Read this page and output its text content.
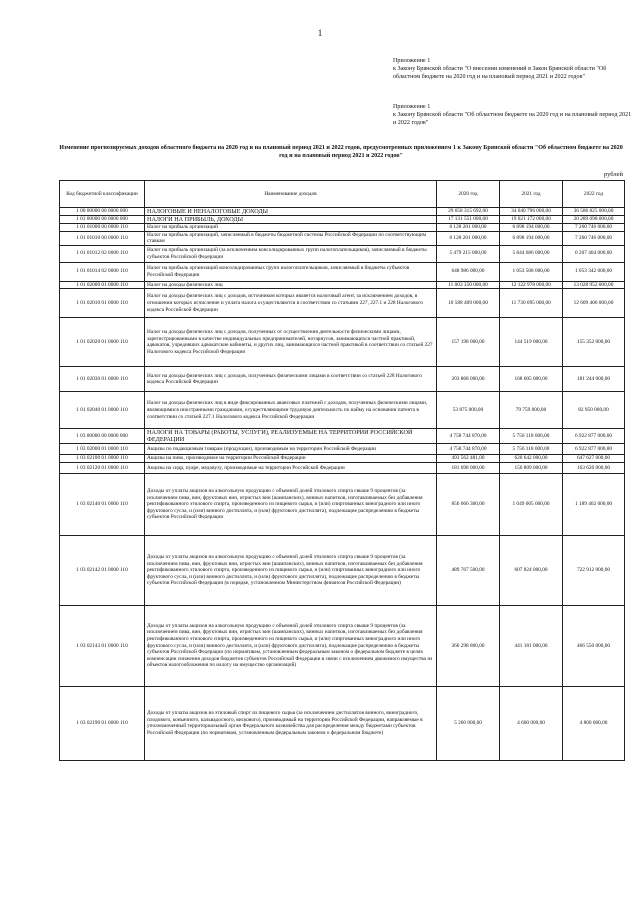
1
Приложение 1
к Закону Брянской области "О внесении изменений в Закон Брянской области "Об областном бюджете на 2020 год и на плановый период 2021 и 2022 годов"
Приложение 1
к Закону Брянской области "Об областном бюджете на 2020 год и на плановый период 2021 и 2022 годов"
Изменение прогнозируемых доходов областного бюджета на 2020 год и на плановый период 2021 и 2022 годов, предусмотренных приложением 1 к Закону Брянской области "Об областном бюджете на 2020 год и на плановый период 2021 и 2022 годов"
рублей
Код бюджетной классификации	Наименование доходов	2020 год	2021 год	2022 год
1 00 00000 00 0000 000	НАЛОГОВЫЕ И НЕНАЛОГОВЫЕ ДОХОДЫ	29 058 315 692,00	34 040 796 000,00	36 586 825 000,00
1 01 00000 00 0000 000	НАЛОГИ НА ПРИБЫЛЬ, ДОХОДЫ	17 131 551 000,00	19 021 172 000,00	20 289 698 000,00
1 01 01000 00 0000 110	Налог на прибыль организаций	6 128 201 000,00	6 898 194 000,00	7 260 746 000,00
1 01 01010 00 0000 110	Налог на прибыль организаций, зачисляемый в бюджеты бюджетной системы Российской Федерации по соответствующим ставкам	6 128 201 000,00	6 898 194 000,00	7 260 746 000,00
1 01 01012 02 0000 110	Налог на прибыль организаций (за исключением консолидированных групп налогоплательщиков), зачисляемый в бюджеты субъектов Российской Федерации	5 479 215 000,00	5 844 686 000,00	6 207 404 000,00
1 01 01014 02 0000 110	Налог на прибыль организаций консолидированных групп налогоплательщиков, зачисляемый в бюджеты субъектов Российской Федерации	648 986 000,00	1 053 508 000,00	1 053 342 000,00
1 01 02000 01 0000 110	Налог на доходы физических лиц	11 003 350 000,00	12 122 978 000,00	13 028 952 000,00
1 01 02010 01 0000 110	Налог на доходы физических лиц с доходов, источником которых является налоговый агент, за исключением доходов, в отношении которых исчисление и уплата налога осуществляются в соответствии со статьями 227, 227.1 и 228 Налогового кодекса Российской Федерации	10 588 409 000,00	11 730 095 000,00	12 609 406 000,00
1 01 02020 01 0000 110	Налог на доходы физических лиц с доходов, полученных от осуществления деятельности физическими лицами, зарегистрированными в качестве индивидуальных предпринимателей, нотариусов, занимающихся частной практикой, адвокатов, учредивших адвокатские кабинеты, и других лиц, занимающихся частной практикой в соответствии со статьей 227 Налогового кодекса Российской Федерации	157 198 000,00	144 519 000,00	155 352 000,00
1 01 02030 01 0000 110	Налог на доходы физических лиц с доходов, полученных физическими лицами в соответствии со статьей 228 Налогового кодекса Российской Федерации	203 868 000,00	168 605 000,00	181 244 000,00
1 01 02040 01 0000 110	Налог на доходы физических лиц в виде фиксированных авансовых платежей с доходов, полученных физическими лицами, являющимися иностранными гражданами, осуществляющими трудовую деятельность по найму на основании патента в соответствии со статьей 227.1 Налогового кодекса Российской Федерации	53 875 000,00	79 759 000,00	82 950 000,00
1 03 00000 00 0000 000	НАЛОГИ НА ТОВАРЫ (РАБОТЫ, УСЛУГИ), РЕАЛИЗУЕМЫЕ НА ТЕРРИТОРИИ РОССИЙСКОЙ ФЕДЕРАЦИИ	4 758 744 870,00	5 756 118 000,00	6 922 877 000,00
1 03 02000 01 0000 110	Акцизы по подакцизным товарам (продукции), производимым на территории Российской Федерации	4 758 744 870,00	5 756 118 000,00	6 922 877 000,00
1 03 02100 01 0000 110	Акцизы на пиво, производимое на территории Российской Федерации	493 562 481,00	620 642 000,00	647 627 000,00
1 03 02120 01 0000 110	Акцизы на сидр, пуаре, медовуху, производимые на территории Российской Федерации	181 698 000,00	156 809 000,00	163 626 000,00
1 03 02140 01 0000 110	Доходы от уплаты акцизов на алкогольную продукцию с объемной долей этилового спирта свыше 9 процентов (за исключением пива, вин, фруктовых вин, игристых вин (шампанских), винных напитков, изготавливаемых без добавления ректификованного этилового спирта, произведенного из пищевого сырья, и (или) спиртованных виноградного или иного фруктового сусла, и (или) винного дистиллята, и (или) фруктового дистиллята), подлежащие распределению в бюджеты субъектов Российской Федерации	856 066 300,00	1 049 005 000,00	1 189 462 000,00
1 03 02142 01 0000 110	Доходы от уплаты акцизов на алкогольную продукцию с объемной долей этилового спирта свыше 9 процентов (за исключением пива, вин, фруктовых вин, игристых вин (шампанских), винных напитков, изготавливаемых без добавления ректификованного этилового спирта, произведенного из пищевого сырья, и (или) спиртованных виноградного или иного фруктового сусла, и (или) винного дистиллята, и (или) фруктового дистиллята), подлежащие распределению в бюджеты субъектов Российской Федерации (в порядке, установленном Министерством финансов Российской Федерации)	489 767 500,00	607 824 000,00	722 912 000,00
1 03 02143 01 0000 110	Доходы от уплаты акцизов на алкогольную продукцию с объемной долей этилового спирта свыше 9 процентов (за исключением пива, вин, фруктовых вин, игристых вин (шампанских), винных напитков, изготавливаемых без добавления ректификованного этилового спирта, произведенного из пищевого сырья, и (или) спиртованных виноградного или иного фруктового сусла, и (или) винного дистиллята, и (или) фруктового дистиллята), подлежащие распределению в бюджеты субъектов Российской Федерации (по нормативам, установленным федеральным законом о федеральном бюджете в целях компенсации снижения доходов бюджетов субъектов Российской Федерации в связи с исключением движимого имущества из объектов налогообложения по налогу на имущество организаций)	366 298 800,00	441 181 000,00	466 550 000,00
1 03 02190 01 0000 110	Доходы от уплаты акцизов на этиловый спирт из пищевого сырья (за исключением дистиллятов винного, виноградного, плодового, коньячного, кальвадосного, вискового), производимый на территории Российской Федерации, направляемые в уполномоченный территориальный орган Федерального казначейства для распределения между бюджетами субъектов Российской Федерации (по нормативам, установленным федеральным законом о федеральном бюджете)	5 260 000,00	4 600 000,00	4 800 000,00
